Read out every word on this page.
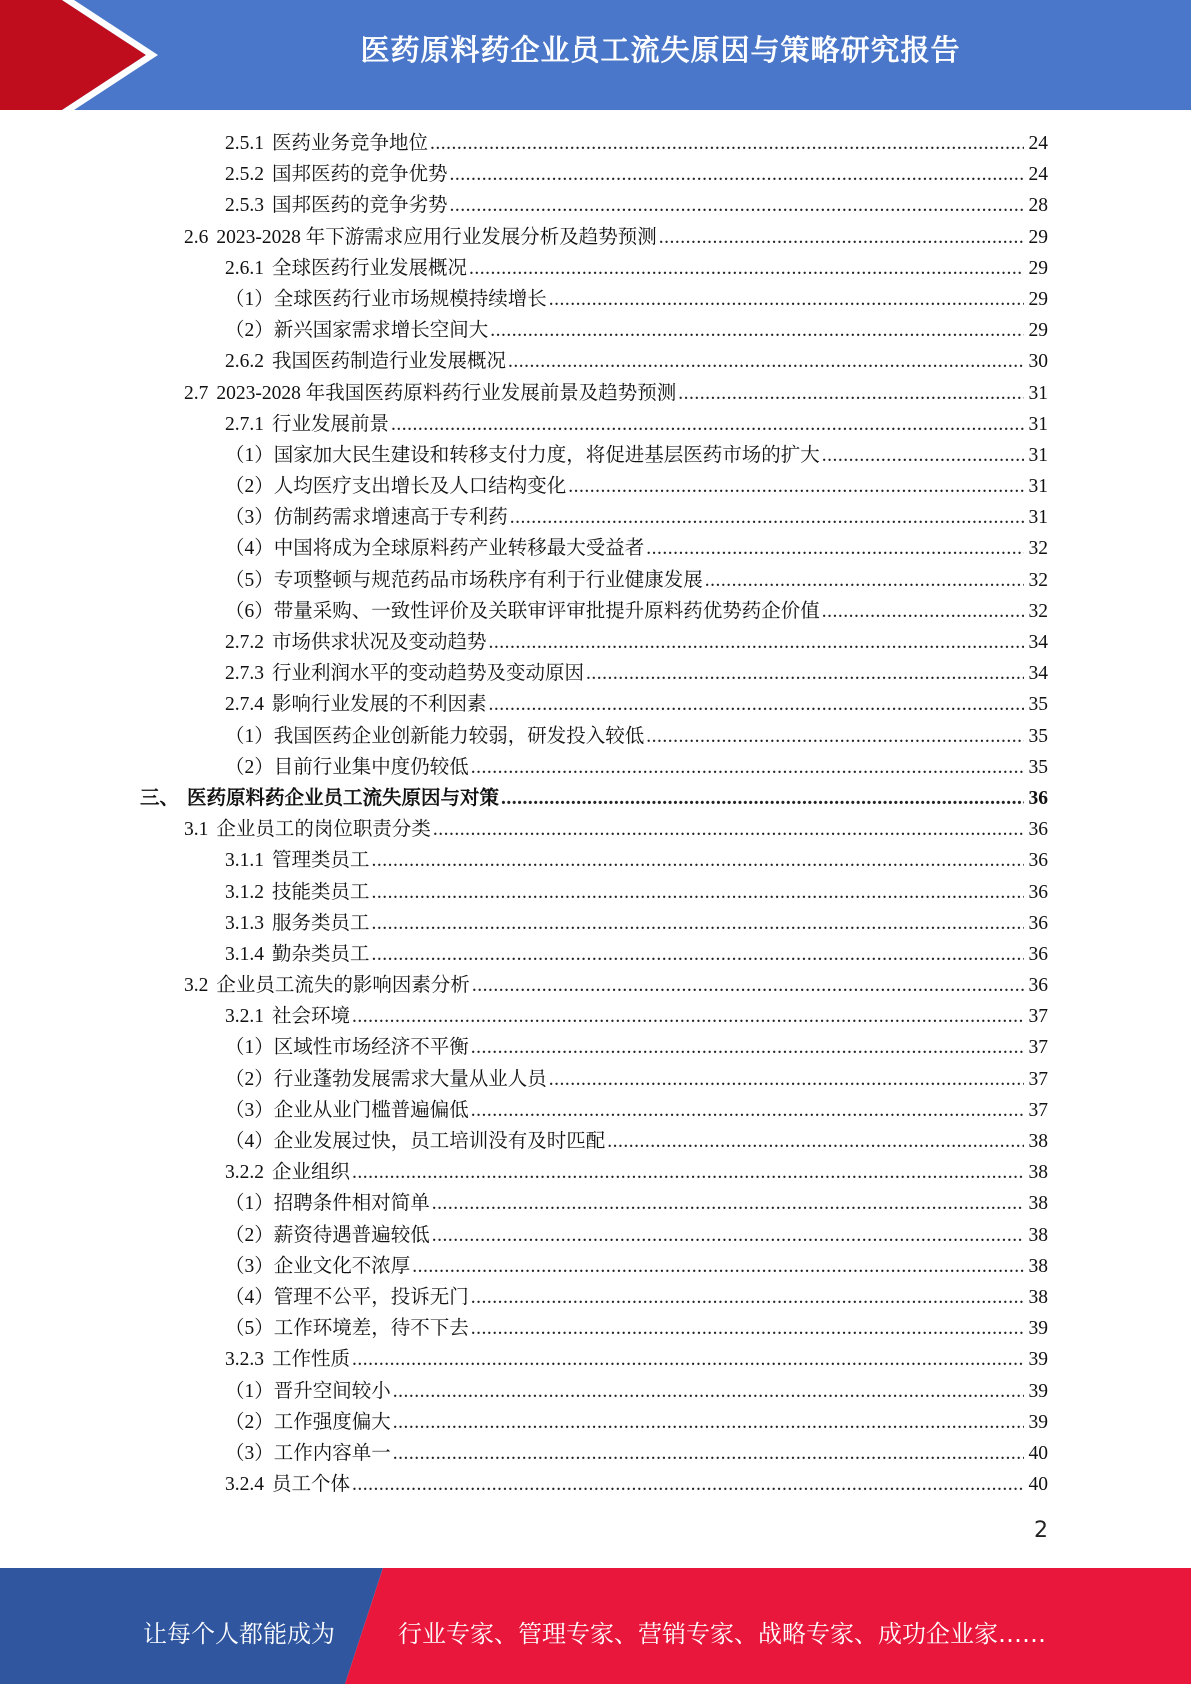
医药原料药企业员工流失原因与策略研究报告
2.5.1 医药业务竞争地位 .....	24
2.5.2 国邦医药的竞争优势 .....	24
2.5.3 国邦医药的竞争劣势 .....	28
2.6 2023-2028 年下游需求应用行业发展分析及趋势预测 .....	29
2.6.1 全球医药行业发展概况 .....	29
（1） 全球医药行业市场规模持续增长 .....	29
（2） 新兴国家需求增长空间大 .....	29
2.6.2 我国医药制造行业发展概况 .....	30
2.7 2023-2028 年我国医药原料药行业发展前景及趋势预测 .....	31
2.7.1 行业发展前景 .....	31
（1） 国家加大民生建设和转移支付力度，将促进基层医药市场的扩大 .....	31
（2） 人均医疗支出增长及人口结构变化 .....	31
（3） 仿制药需求增速高于专利药 .....	31
（4） 中国将成为全球原料药产业转移最大受益者 .....	32
（5） 专项整顿与规范药品市场秩序有利于行业健康发展 .....	32
（6） 带量采购、一致性评价及关联审评审批提升原料药优势药企价值 .....	32
2.7.2 市场供求状况及变动趋势 .....	34
2.7.3 行业利润水平的变动趋势及变动原因 .....	34
2.7.4 影响行业发展的不利因素 .....	35
（1） 我国医药企业创新能力较弱，研发投入较低 .....	35
（2） 目前行业集中度仍较低 .....	35
三、 医药原料药企业员工流失原因与对策 .....	36
3.1 企业员工的岗位职责分类 .....	36
3.1.1 管理类员工 .....	36
3.1.2 技能类员工 .....	36
3.1.3 服务类员工 .....	36
3.1.4 勤杂类员工 .....	36
3.2 企业员工流失的影响因素分析 .....	36
3.2.1 社会环境 .....	37
（1） 区域性市场经济不平衡 .....	37
（2） 行业蓬勃发展需求大量从业人员 .....	37
（3） 企业从业门槛普遍偏低 .....	37
（4） 企业发展过快，员工培训没有及时匹配 .....	38
3.2.2 企业组织 .....	38
（1） 招聘条件相对简单 .....	38
（2） 薪资待遇普遍较低 .....	38
（3） 企业文化不浓厚 .....	38
（4） 管理不公平，投诉无门 .....	38
（5） 工作环境差，待不下去 .....	39
3.2.3 工作性质 .....	39
（1） 晋升空间较小 .....	39
（2） 工作强度偏大 .....	39
（3） 工作内容单一 .....	40
3.2.4 员工个体 .....	40
2
让每个人都能成为	行业专家、管理专家、营销专家、战略专家、成功企业家……
